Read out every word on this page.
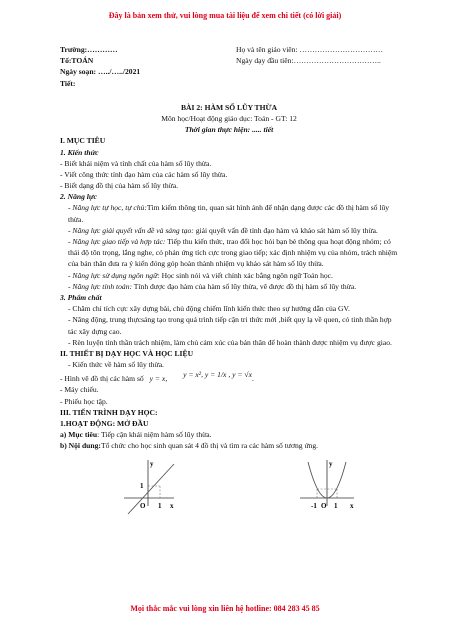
Đây là bản xem thử, vui lòng mua tài liệu để xem chi tiết (có lời giải)
Trường:…………	Họ và tên giáo viên: ……………………………
Tổ:TOÁN	Ngày dạy đầu tiên:……………………………..
Ngày soạn: …../…../2021
Tiết:
BÀI 2: HÀM SỐ LŨY THỪA
Môn học/Hoạt động giáo dục: Toán - GT: 12
Thời gian thực hiện: ..... tiết
I. MỤC TIÊU
1. Kiến thức
- Biết khái niệm và tính chất của hàm số lũy thừa.
- Viết công thức tính đạo hàm của các hàm số lũy thừa.
- Biết dạng đồ thị của hàm số lũy thừa.
2. Năng lực
- Năng lực tự học, tự chủ:Tìm kiếm thông tin, quan sát hình ảnh để nhận dạng được các đồ thị hàm số lũy thừa.
- Năng lực giải quyết vấn đề và sáng tạo: giải quyết vấn đề tính đạo hàm và khảo sát hàm số lũy thừa.
- Năng lực giao tiếp và hợp tác: Tiếp thu kiến thức, trao đổi học hỏi bạn bè thông qua hoạt động nhóm; có thái độ tôn trọng, lắng nghe, có phản ứng tích cực trong giao tiếp; xác định nhiệm vụ của nhóm, trách nhiệm của bản thân đưa ra ý kiến đóng góp hoàn thành nhiệm vụ khảo sát hàm số lũy thừa.
- Năng lực sử dụng ngôn ngữ: Học sinh nói và viết chính xác bằng ngôn ngữ Toán học.
- Năng lực tính toán: Tính được đạo hàm của hàm số lũy thừa, vẽ được đồ thị hàm số lũy thừa.
3. Phẩm chất
- Chăm chỉ tích cực xây dựng bài, chủ động chiếm lĩnh kiến thức theo sự hướng dẫn của GV.
- Năng động, trung thựcsáng tạo trong quá trình tiếp cận tri thức mới ,biết quy lạ về quen, có tinh thần hợp tác xây dựng cao.
- Rèn luyện tính thần trách nhiệm, làm chủ cảm xúc của bản thân để hoàn thành được nhiệm vụ được giao.
II. THIẾT BỊ DẠY HỌC VÀ HỌC LIỆU
- Kiến thức về hàm số lũy thừa.
- Hình vẽ đồ thị các hàm số y = x, y = x², y = 1/x , y = √x.
- Máy chiếu.
- Phiếu học tập.
III. TIẾN TRÌNH DẠY HỌC:
1.HOẠT ĐỘNG: MỞ ĐẦU
a) Mục tiêu: Tiếp cận khái niệm hàm số lũy thừa.
b) Nội dung:Tổ chức cho học sinh quan sát 4 đồ thị và tìm ra các hàm số tương ứng.
y
x
O 1
1
y
x
O 1
-1
Mọi thắc mắc vui lòng xin liên hệ hotline: 084 283 45 85
